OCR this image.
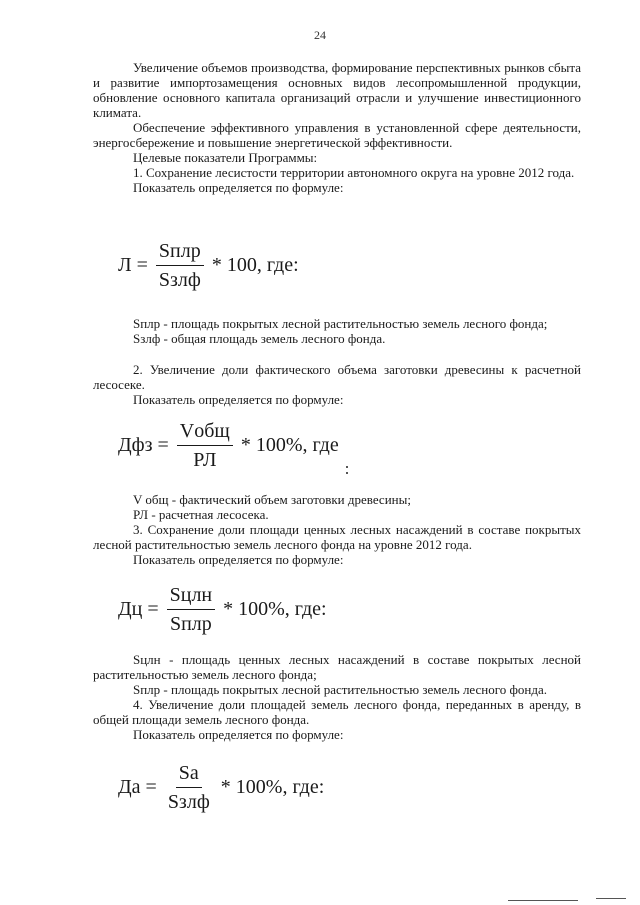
24

Увеличение объемов производства, формирование перспективных рынков сбыта и развитие импортозамещения основных видов лесопромышленной продукции, обновление основного капитала организаций отрасли и улучшение инвестиционного климата.

Обеспечение эффективного управления в установленной сфере деятельности, энергосбережение и повышение энергетической эффективности.

Целевые показатели Программы:

1. Сохранение лесистости территории автономного округа на уровне 2012 года.

Показатель определяется по формуле:

$Л = \frac{\text{Sплр}}{\text{Sзлф}} * 100$, где:

Sплр - площадь покрытых лесной растительностью земель лесного фонда;

Sзлф - общая площадь земель лесного фонда.

2. Увеличение доли фактического объема заготовки древесины к расчетной лесосеке.

Показатель определяется по формуле:

Дфз = $\frac{\text{Vобщ}}{РЛ} * 100\%$, где

V общ - фактический объем заготовки древесины;

РЛ - расчетная лесосека.

3. Сохранение доли площади ценных лесных насаждений в составе покрытых лесной растительностью земель лесного фонда на уровне 2012 года.

Показатель определяется по формуле:

Дц = $\frac{\text{Sцлн}}{\text{Sплр}} * 100\%$, где:

Sцлн - площадь ценных лесных насаждений в составе покрытых лесной растительностью земель лесного фонда;

Sплр - площадь покрытых лесной растительностью земель лесного фонда.

4. Увеличение доли площадей земель лесного фонда, переданных в аренду, в общей площади земель лесного фонда.

Показатель определяется по формуле:

Да = $\frac{Sa}{\text{Sзлф}} * 100\%$, где:
